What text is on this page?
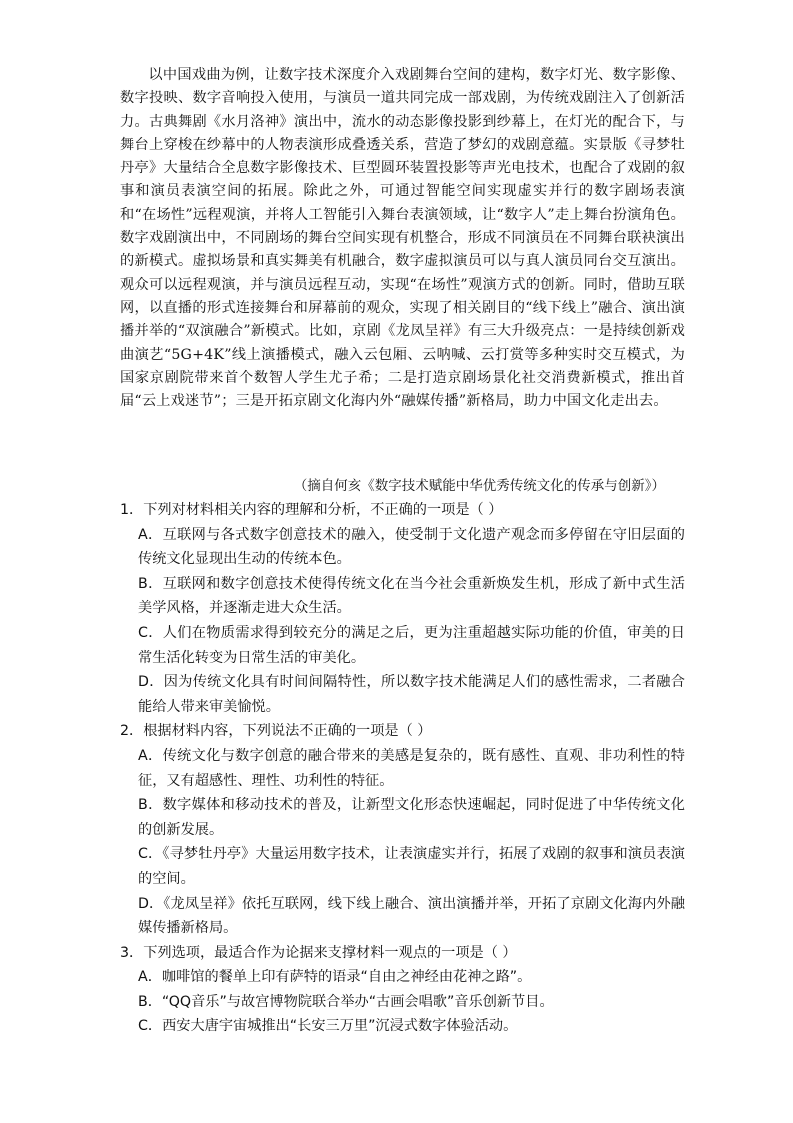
以中国戏曲为例，让数字技术深度介入戏剧舞台空间的建构，数字灯光、数字影像、数字投映、数字音响投入使用，与演员一道共同完成一部戏剧，为传统戏剧注入了创新活力。古典舞剧《水月洛神》演出中，流水的动态影像投影到纱幕上，在灯光的配合下，与舞台上穿梭在纱幕中的人物表演形成叠透关系，营造了梦幻的戏剧意蕴。实景版《寻梦牡丹亭》大量结合全息数字影像技术、巨型圆环装置投影等声光电技术，也配合了戏剧的叙事和演员表演空间的拓展。除此之外，可通过智能空间实现虚实并行的数字剧场表演和“在场性”远程观演，并将人工智能引入舞台表演领域，让“数字人”走上舞台扮演角色。数字戏剧演出中，不同剧场的舞台空间实现有机整合，形成不同演员在不同舞台联袂演出的新模式。虚拟场景和真实舞美有机融合，数字虚拟演员可以与真人演员同台交互演出。观众可以远程观演，并与演员远程互动，实现“在场性”观演方式的创新。同时，借助互联网，以直播的形式连接舞台和屏幕前的观众，实现了相关剧目的“线下线上”融合、演出演播并举的“双演融合”新模式。比如，京剧《龙凤呈祥》有三大升级亮点：一是持续创新戏曲演艺“5G+4K”线上演播模式，融入云包厢、云呐喊、云打赏等多种实时交互模式，为国家京剧院带来首个数智人学生尤子希；二是打造京剧场景化社交消费新模式，推出首届“云上戏迷节”；三是开拓京剧文化海内外“融媒传播”新格局，助力中国文化走出去。
（摘自何亥《数字技术赋能中华优秀传统文化的传承与创新》）
1．下列对材料相关内容的理解和分析，不正确的一项是（ ）
A．互联网与各式数字创意技术的融入，使受制于文化遗产观念而多停留在守旧层面的传统文化显现出生动的传统本色。
B．互联网和数字创意技术使得传统文化在当今社会重新焕发生机，形成了新中式生活美学风格，并逐渐走进大众生活。
C．人们在物质需求得到较充分的满足之后，更为注重超越实际功能的价值，审美的日常生活化转变为日常生活的审美化。
D．因为传统文化具有时间间隔特性，所以数字技术能满足人们的感性需求，二者融合能给人带来审美愉悦。
2．根据材料内容，下列说法不正确的一项是（ ）
A．传统文化与数字创意的融合带来的美感是复杂的，既有感性、直观、非功利性的特征，又有超感性、理性、功利性的特征。
B．数字媒体和移动技术的普及，让新型文化形态快速崛起，同时促进了中华传统文化的创新发展。
C．《寻梦牡丹亭》大量运用数字技术，让表演虚实并行，拓展了戏剧的叙事和演员表演的空间。
D．《龙凤呈祥》依托互联网，线下线上融合、演出演播并举，开拓了京剧文化海内外融媒传播新格局。
3．下列选项，最适合作为论据来支撑材料一观点的一项是（ ）
A．咖啡馆的餐单上印有萨特的语录“自由之神经由花神之路”。
B．“QQ音乐”与故宫博物院联合举办“古画会唱歌”音乐创新节目。
C．西安大唐宇宙城推出“长安三万里”沉浸式数字体验活动。
